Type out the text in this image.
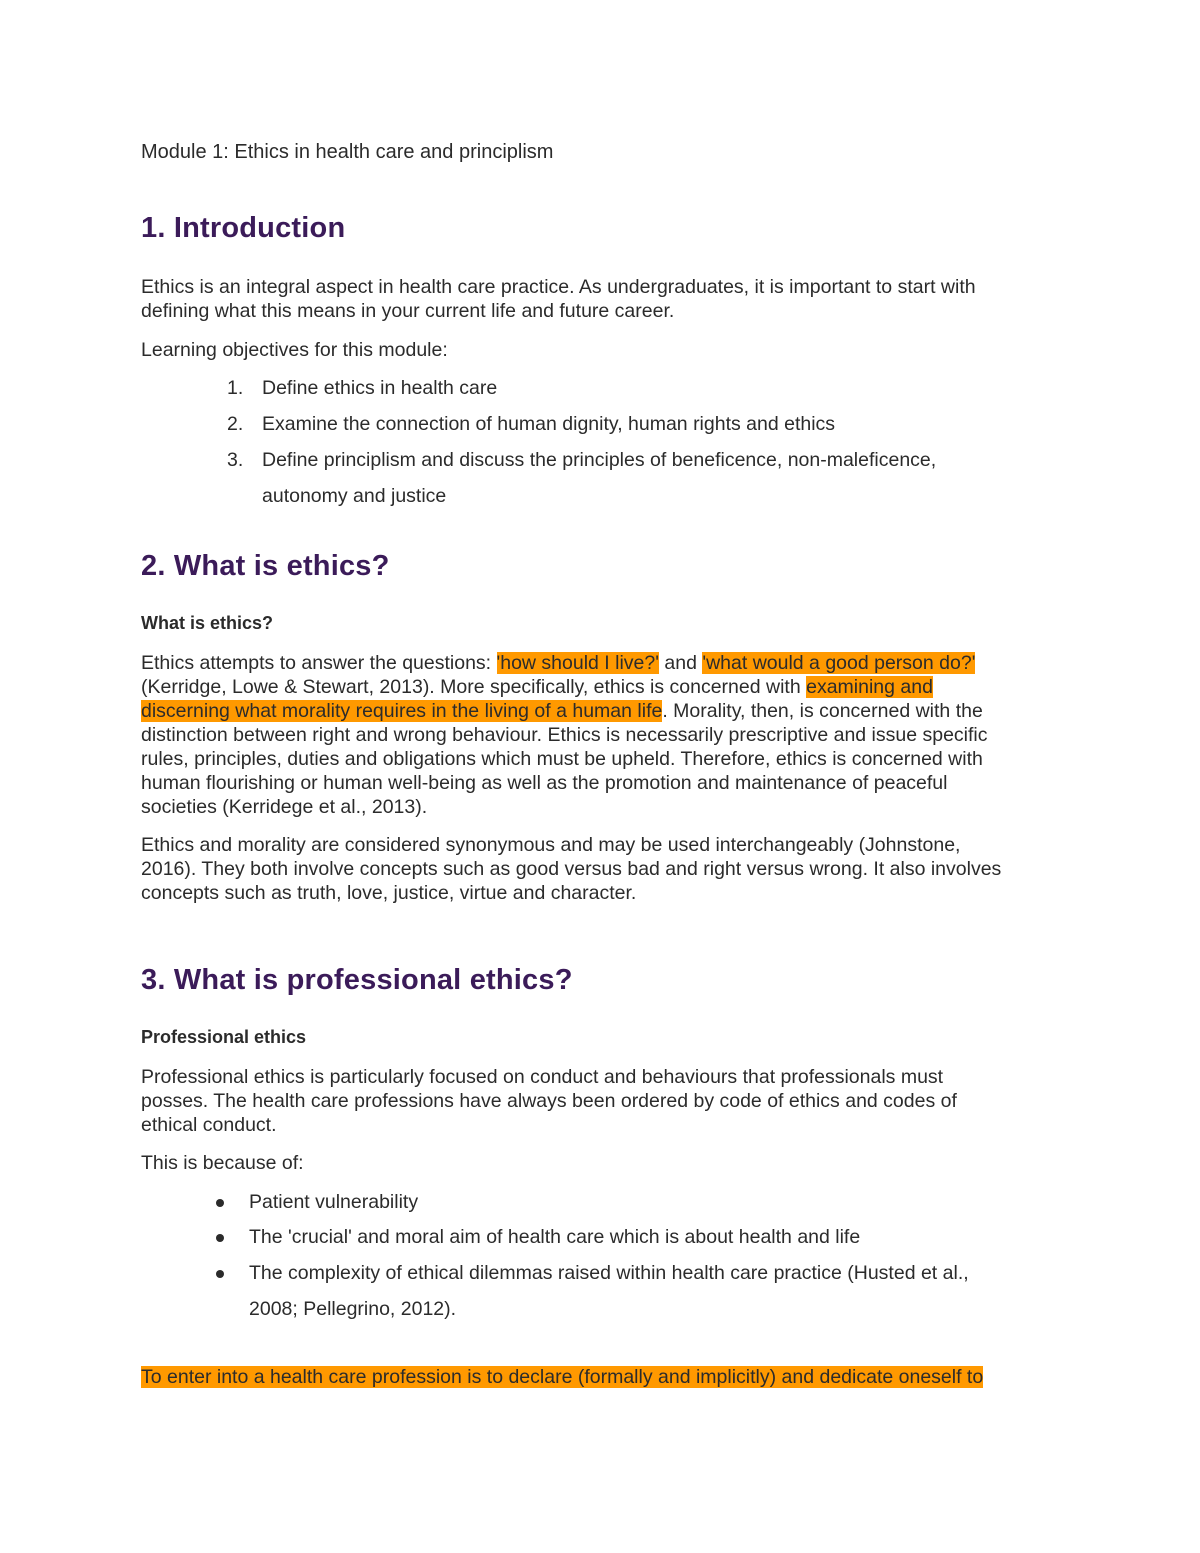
Module 1: Ethics in health care and principlism
1. Introduction
Ethics is an integral aspect in health care practice. As undergraduates, it is important to start with
defining what this means in your current life and future career.
Learning objectives for this module:
1. Define ethics in health care
2. Examine the connection of human dignity, human rights and ethics
3. Define principlism and discuss the principles of beneficence, non-maleficence,
autonomy and justice
2. What is ethics?
What is ethics?
Ethics attempts to answer the questions: 'how should I live?' and 'what would a good person do?'
(Kerridge, Lowe & Stewart, 2013). More specifically, ethics is concerned with examining and
discerning what morality requires in the living of a human life. Morality, then, is concerned with the
distinction between right and wrong behaviour. Ethics is necessarily prescriptive and issue specific
rules, principles, duties and obligations which must be upheld. Therefore, ethics is concerned with
human flourishing or human well-being as well as the promotion and maintenance of peaceful
societies (Kerridege et al., 2013).
Ethics and morality are considered synonymous and may be used interchangeably (Johnstone,
2016). They both involve concepts such as good versus bad and right versus wrong. It also involves
concepts such as truth, love, justice, virtue and character.
3. What is professional ethics?
Professional ethics
Professional ethics is particularly focused on conduct and behaviours that professionals must
posses. The health care professions have always been ordered by code of ethics and codes of
ethical conduct.
This is because of:
Patient vulnerability
The 'crucial' and moral aim of health care which is about health and life
The complexity of ethical dilemmas raised within health care practice (Husted et al.,
2008; Pellegrino, 2012).
To enter into a health care profession is to declare (formally and implicitly) and dedicate oneself to
